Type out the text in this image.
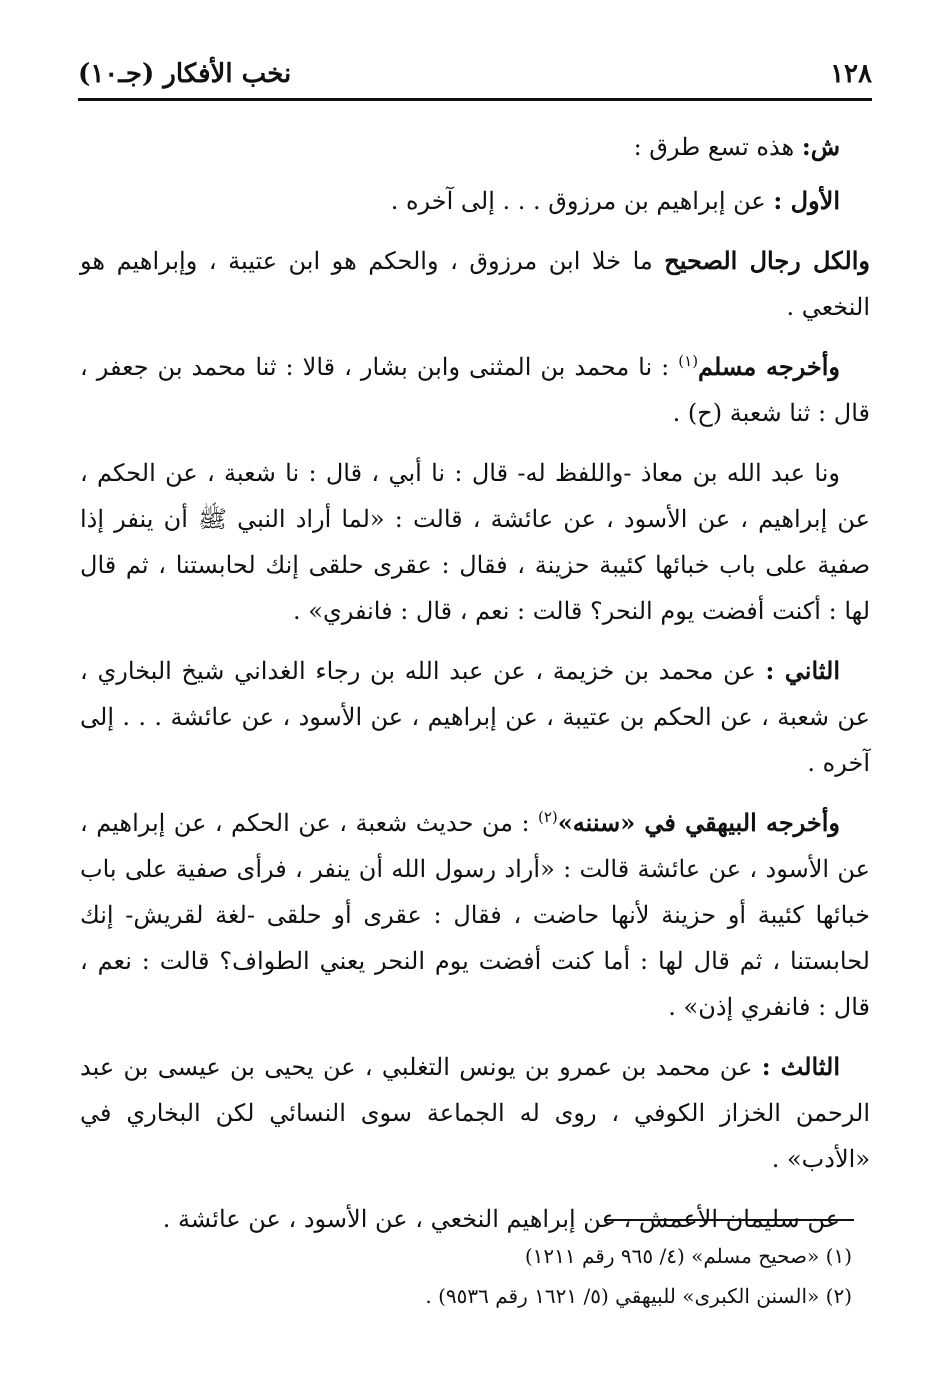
١٢٨
نخب الأفكار (جـ١٠)

ش: هذه تسع طرق :

الأول : عن إبراهيم بن مرزوق . . . إلى آخره .

والكل رجال الصحيح ما خلا ابن مرزوق ، والحكم هو ابن عتيبة ، وإبراهيم هو النخعي .

وأخرجه مسلم$^{(١)}$ : نا محمد بن المثنى وابن بشار ، قالا : ثنا محمد بن جعفر ، قال : ثنا شعبة (ح) .

ونا عبد الله بن معاذ -واللفظ له- قال : نا أبي ، قال : نا شعبة ، عن الحكم ، عن إبراهيم ، عن الأسود ، عن عائشة ، قالت : «لما أراد النبي ﷺ أن ينفر إذا صفية على باب خبائها كئيبة حزينة ، فقال : عقرى حلقى إنك لحابستنا ، ثم قال لها : أكنت أفضت يوم النحر؟ قالت : نعم ، قال : فانفري» .

الثاني : عن محمد بن خزيمة ، عن عبد الله بن رجاء الغداني شيخ البخاري ، عن شعبة ، عن الحكم بن عتيبة ، عن إبراهيم ، عن الأسود ، عن عائشة . . . إلى آخره .

وأخرجه البيهقي في «سننه»$^{(٢)}$ : من حديث شعبة ، عن الحكم ، عن إبراهيم ، عن الأسود ، عن عائشة قالت : «أراد رسول الله أن ينفر ، فرأى صفية على باب خبائها كئيبة أو حزينة لأنها حاضت ، فقال : عقرى أو حلقى -لغة لقريش- إنك لحابستنا ، ثم قال لها : أما كنت أفضت يوم النحر يعني الطواف؟ قالت : نعم ، قال : فانفري إذن» .

الثالث : عن محمد بن عمرو بن يونس التغلبي ، عن يحيى بن عيسى بن عبد الرحمن الخزاز الكوفي ، روى له الجماعة سوى النسائي لكن البخاري في «الأدب» .

عن سليمان الأعمش ، عن إبراهيم النخعي ، عن الأسود ، عن عائشة .

(١) «صحيح مسلم» (٤/ ٩٦٥ رقم ١٢١١)

(٢) «السنن الكبرى» للبيهقي (٥/ ١٦٢١ رقم ٩٥٣٦) .
